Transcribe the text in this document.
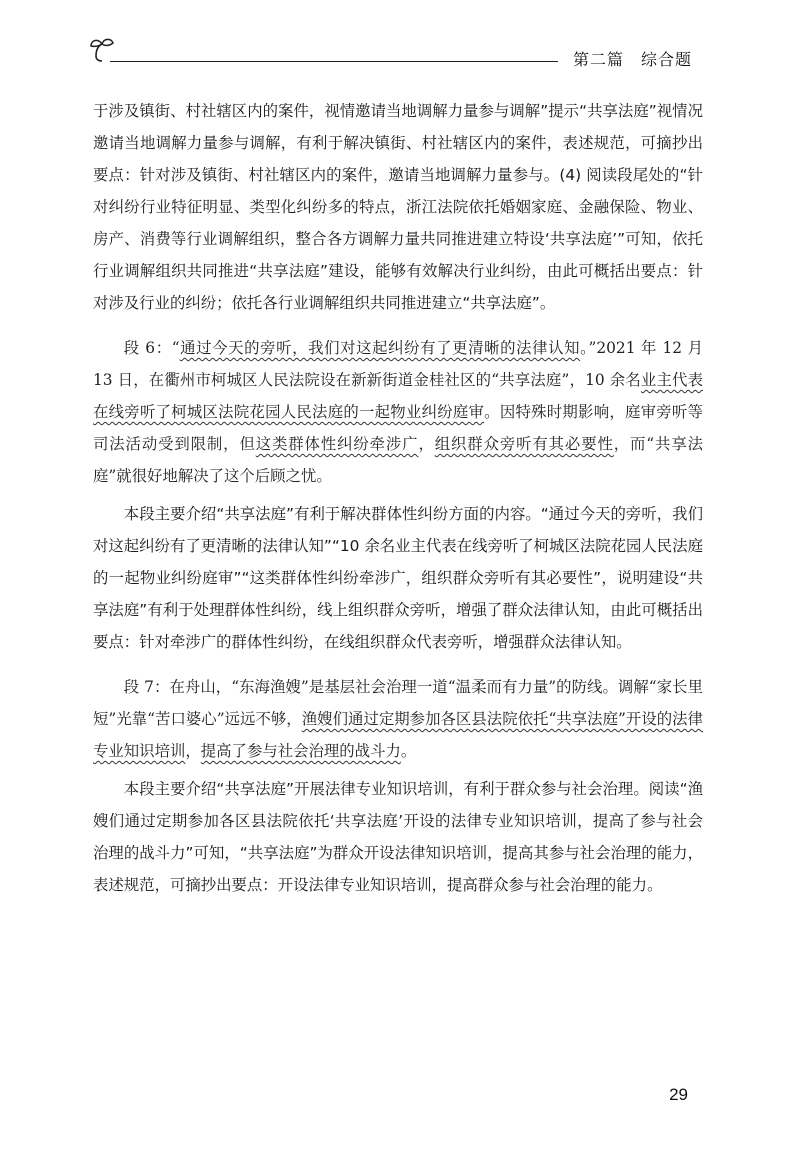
第二篇　综合题

于涉及镇街、村社辖区内的案件，视情邀请当地调解力量参与调解”提示“共享法庭”视情况邀请当地调解力量参与调解，有利于解决镇街、村社辖区内的案件，表述规范，可摘抄出要点：针对涉及镇街、村社辖区内的案件，邀请当地调解力量参与。(4) 阅读段尾处的“针对纠纷行业特征明显、类型化纠纷多的特点，浙江法院依托婚姻家庭、金融保险、物业、房产、消费等行业调解组织，整合各方调解力量共同推进建立特设‘共享法庭’”可知，依托行业调解组织共同推进“共享法庭”建设，能够有效解决行业纠纷，由此可概括出要点：针对涉及行业的纠纷；依托各行业调解组织共同推进建立“共享法庭”。

段 6：“通过今天的旁听，我们对这起纠纷有了更清晰的法律认知。”2021 年 12 月 13 日，在衢州市柯城区人民法院设在新新街道金桂社区的“共享法庭”，10 余名业主代表在线旁听了柯城区法院花园人民法庭的一起物业纠纷庭审。因特殊时期影响，庭审旁听等司法活动受到限制，但这类群体性纠纷牵涉广，组织群众旁听有其必要性，而“共享法庭”就很好地解决了这个后顾之忧。

本段主要介绍“共享法庭”有利于解决群体性纠纷方面的内容。“通过今天的旁听，我们对这起纠纷有了更清晰的法律认知”“10 余名业主代表在线旁听了柯城区法院花园人民法庭的一起物业纠纷庭审”“这类群体性纠纷牵涉广，组织群众旁听有其必要性”，说明建设“共享法庭”有利于处理群体性纠纷，线上组织群众旁听，增强了群众法律认知，由此可概括出要点：针对牵涉广的群体性纠纷，在线组织群众代表旁听，增强群众法律认知。

段 7：在舟山，“东海渔嫂”是基层社会治理一道“温柔而有力量”的防线。调解“家长里短”光靠“苦口婆心”远远不够，渔嫂们通过定期参加各区县法院依托“共享法庭”开设的法律专业知识培训，提高了参与社会治理的战斗力。

本段主要介绍“共享法庭”开展法律专业知识培训，有利于群众参与社会治理。阅读“渔嫂们通过定期参加各区县法院依托‘共享法庭’开设的法律专业知识培训，提高了参与社会治理的战斗力”可知，“共享法庭”为群众开设法律知识培训，提高其参与社会治理的能力，表述规范，可摘抄出要点：开设法律专业知识培训，提高群众参与社会治理的能力。

29
